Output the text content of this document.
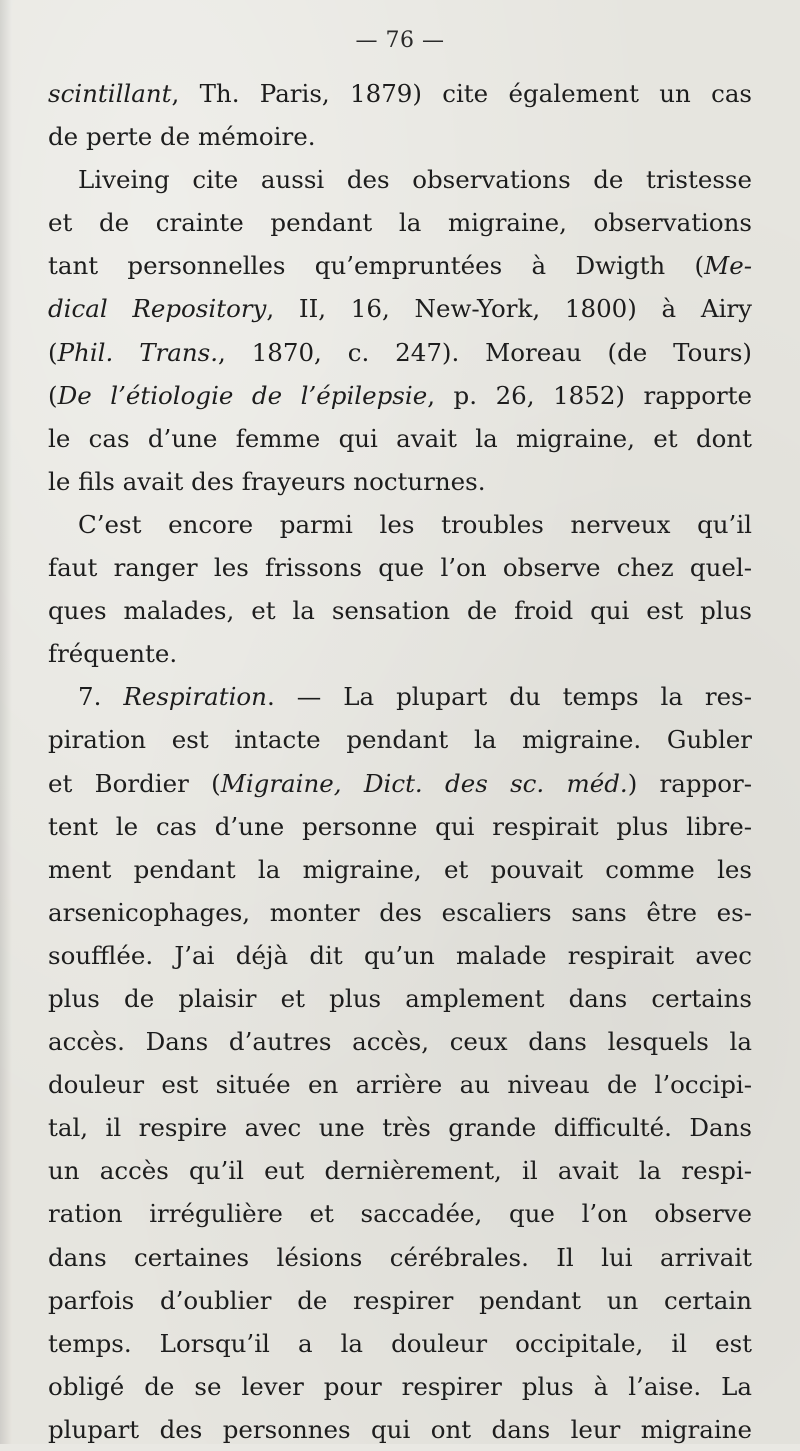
— 76 —
scintillant, Th. Paris, 1879) cite également un cas
de perte de mémoire.
Liveing cite aussi des observations de tristesse
et de crainte pendant la migraine, observations
tant personnelles qu’empruntées à Dwigth (Me-
dical Repository, II, 16, New-York, 1800) à Airy
(Phil. Trans., 1870, c. 247). Moreau (de Tours)
(De l’étiologie de l’épilepsie, p. 26, 1852) rapporte
le cas d’une femme qui avait la migraine, et dont
le fils avait des frayeurs nocturnes.
C’est encore parmi les troubles nerveux qu’il
faut ranger les frissons que l’on observe chez quel-
ques malades, et la sensation de froid qui est plus
fréquente.
7. Respiration. — La plupart du temps la res-
piration est intacte pendant la migraine. Gubler
et Bordier (Migraine, Dict. des sc. méd.) rappor-
tent le cas d’une personne qui respirait plus libre-
ment pendant la migraine, et pouvait comme les
arsenicophages, monter des escaliers sans être es-
soufflée. J’ai déjà dit qu’un malade respirait avec
plus de plaisir et plus amplement dans certains
accès. Dans d’autres accès, ceux dans lesquels la
douleur est située en arrière au niveau de l’occipi-
tal, il respire avec une très grande difficulté. Dans
un accès qu’il eut dernièrement, il avait la respi-
ration irrégulière et saccadée, que l’on observe
dans certaines lésions cérébrales. Il lui arrivait
parfois d’oublier de respirer pendant un certain
temps. Lorsqu’il a la douleur occipitale, il est
obligé de se lever pour respirer plus à l’aise. La
plupart des personnes qui ont dans leur migraine
